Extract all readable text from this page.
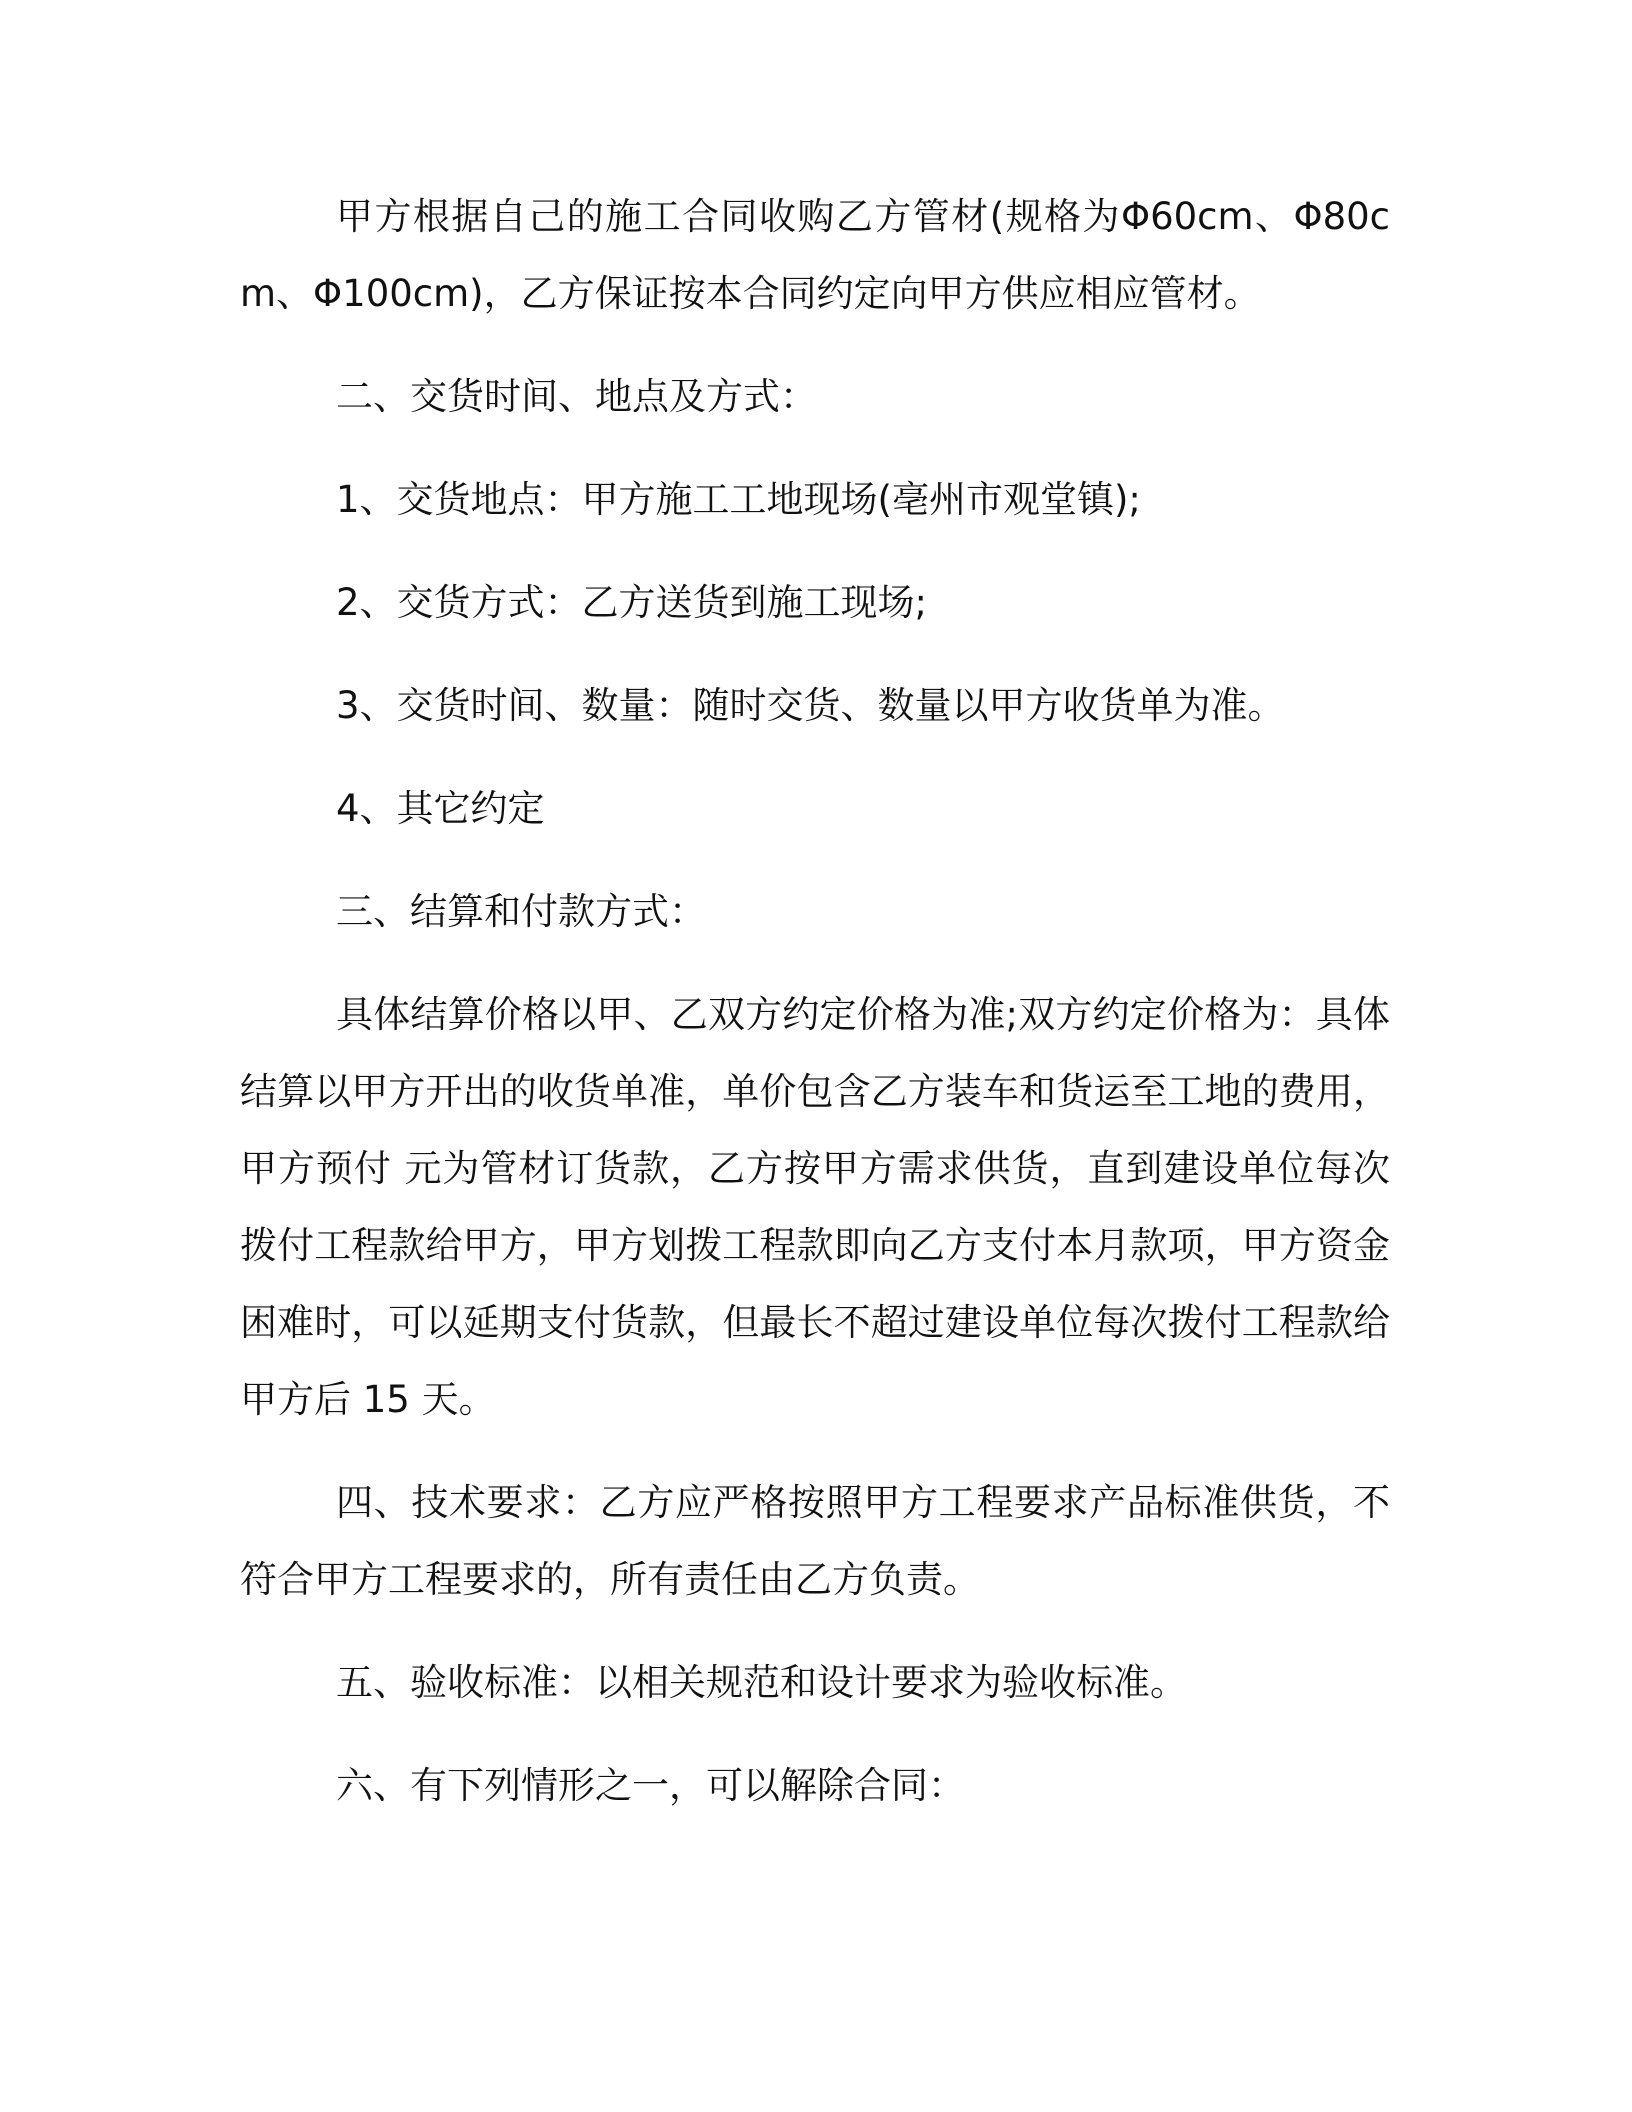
甲方根据自己的施工合同收购乙方管材(规格为Φ60cm、Φ80cm、Φ100cm)，乙方保证按本合同约定向甲方供应相应管材。

二、交货时间、地点及方式：

1、交货地点：甲方施工工地现场(亳州市观堂镇);

2、交货方式：乙方送货到施工现场;

3、交货时间、数量：随时交货、数量以甲方收货单为准。

4、其它约定

三、结算和付款方式：

具体结算价格以甲、乙双方约定价格为准;双方约定价格为：具体结算以甲方开出的收货单准，单价包含乙方装车和货运至工地的费用，甲方预付 元为管材订货款，乙方按甲方需求供货，直到建设单位每次拨付工程款给甲方，甲方划拨工程款即向乙方支付本月款项，甲方资金困难时，可以延期支付货款，但最长不超过建设单位每次拨付工程款给甲方后 15 天。

四、技术要求：乙方应严格按照甲方工程要求产品标准供货，不符合甲方工程要求的，所有责任由乙方负责。

五、验收标准：以相关规范和设计要求为验收标准。

六、有下列情形之一，可以解除合同：
